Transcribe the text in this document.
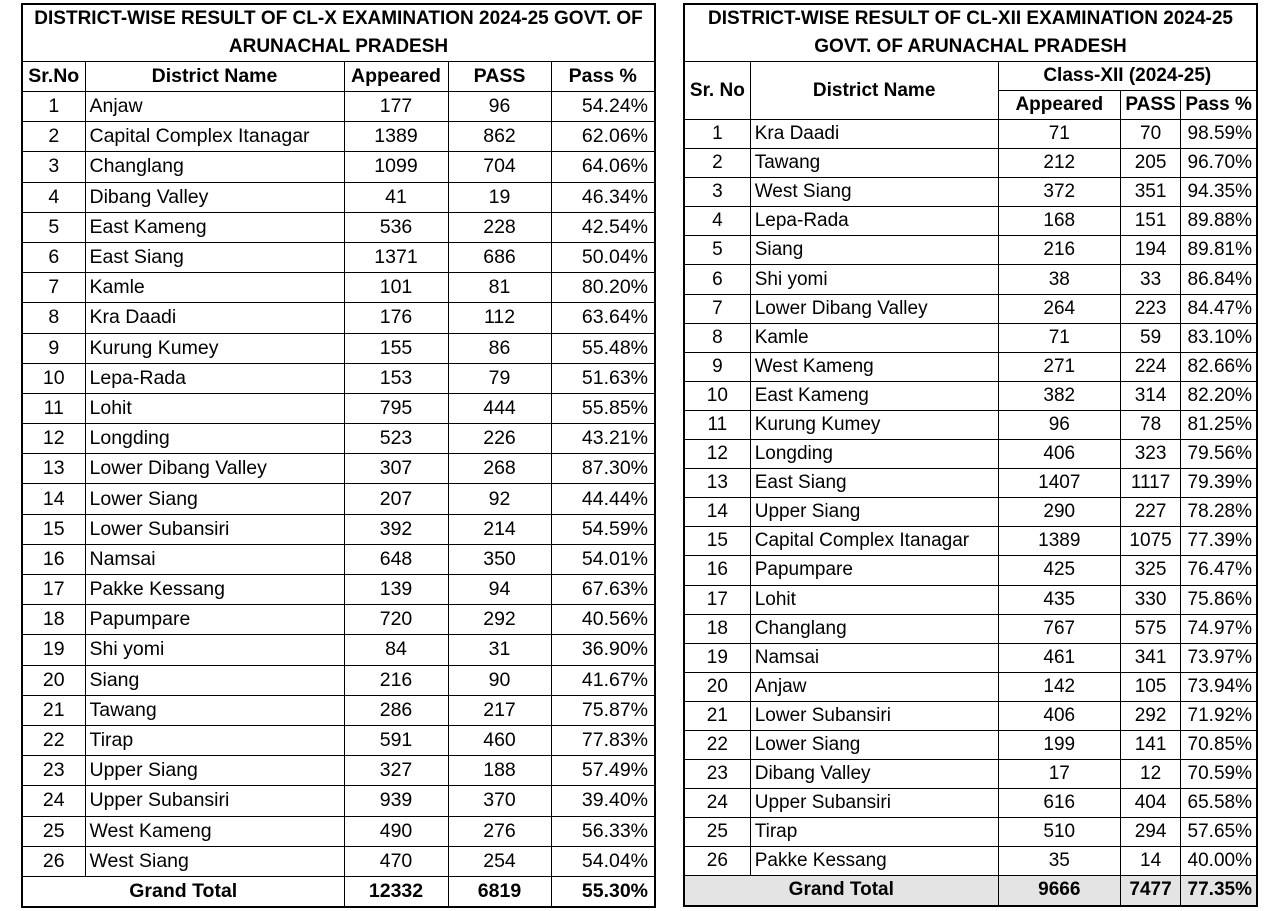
DISTRICT-WISE RESULT OF CL-X EXAMINATION 2024-25 GOVT. OF ARUNACHAL PRADESH				
Sr.No	District Name	Appeared	PASS	Pass %
1	Anjaw	177	96	54.24%
2	Capital Complex Itanagar	1389	862	62.06%
3	Changlang	1099	704	64.06%
4	Dibang Valley	41	19	46.34%
5	East Kameng	536	228	42.54%
6	East Siang	1371	686	50.04%
7	Kamle	101	81	80.20%
8	Kra Daadi	176	112	63.64%
9	Kurung Kumey	155	86	55.48%
10	Lepa-Rada	153	79	51.63%
11	Lohit	795	444	55.85%
12	Longding	523	226	43.21%
13	Lower Dibang Valley	307	268	87.30%
14	Lower Siang	207	92	44.44%
15	Lower Subansiri	392	214	54.59%
16	Namsai	648	350	54.01%
17	Pakke Kessang	139	94	67.63%
18	Papumpare	720	292	40.56%
19	Shi yomi	84	31	36.90%
20	Siang	216	90	41.67%
21	Tawang	286	217	75.87%
22	Tirap	591	460	77.83%
23	Upper Siang	327	188	57.49%
24	Upper Subansiri	939	370	39.40%
25	West Kameng	490	276	56.33%
26	West Siang	470	254	54.04%
Grand Total		12332	6819	55.30%
DISTRICT-WISE RESULT OF CL-XII EXAMINATION 2024-25 GOVT. OF ARUNACHAL PRADESH				
Sr. No	District Name	Class-XII (2024-25)		
		Appeared	PASS	Pass %
1	Kra Daadi	71	70	98.59%
2	Tawang	212	205	96.70%
3	West Siang	372	351	94.35%
4	Lepa-Rada	168	151	89.88%
5	Siang	216	194	89.81%
6	Shi yomi	38	33	86.84%
7	Lower Dibang Valley	264	223	84.47%
8	Kamle	71	59	83.10%
9	West Kameng	271	224	82.66%
10	East Kameng	382	314	82.20%
11	Kurung Kumey	96	78	81.25%
12	Longding	406	323	79.56%
13	East Siang	1407	1117	79.39%
14	Upper Siang	290	227	78.28%
15	Capital Complex Itanagar	1389	1075	77.39%
16	Papumpare	425	325	76.47%
17	Lohit	435	330	75.86%
18	Changlang	767	575	74.97%
19	Namsai	461	341	73.97%
20	Anjaw	142	105	73.94%
21	Lower Subansiri	406	292	71.92%
22	Lower Siang	199	141	70.85%
23	Dibang Valley	17	12	70.59%
24	Upper Subansiri	616	404	65.58%
25	Tirap	510	294	57.65%
26	Pakke Kessang	35	14	40.00%
Grand Total		9666	7477	77.35%
